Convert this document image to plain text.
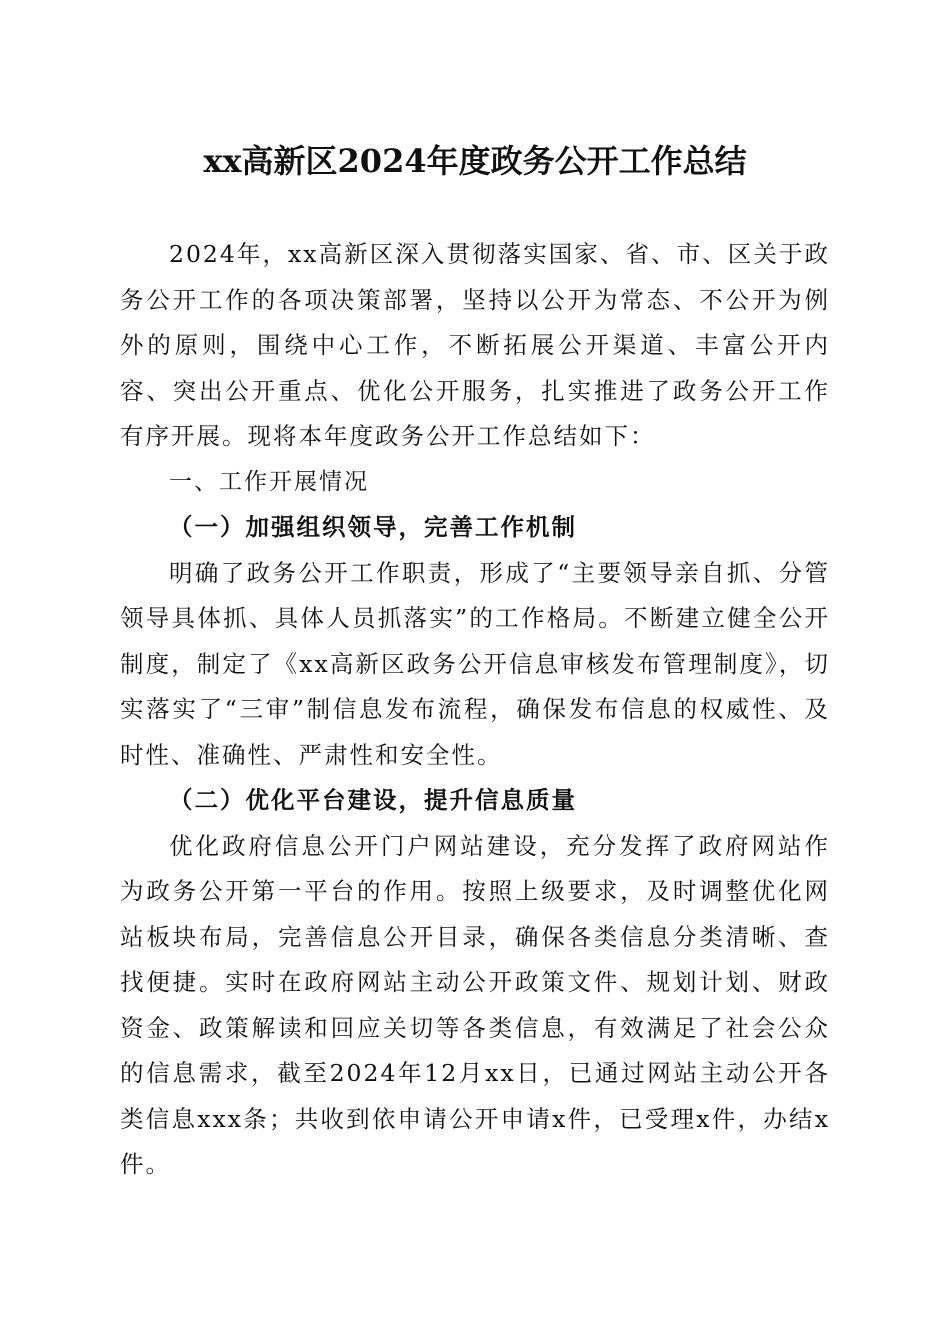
xx高新区2024年度政务公开工作总结

2024年，xx高新区深入贯彻落实国家、省、市、区关于政务公开工作的各项决策部署，坚持以公开为常态、不公开为例外的原则，围绕中心工作，不断拓展公开渠道、丰富公开内容、突出公开重点、优化公开服务，扎实推进了政务公开工作有序开展。现将本年度政务公开工作总结如下：

一、工作开展情况

（一）加强组织领导，完善工作机制

明确了政务公开工作职责，形成了“主要领导亲自抓、分管领导具体抓、具体人员抓落实”的工作格局。不断建立健全公开制度，制定了《xx高新区政务公开信息审核发布管理制度》，切实落实了“三审”制信息发布流程，确保发布信息的权威性、及时性、准确性、严肃性和安全性。

（二）优化平台建设，提升信息质量

优化政府信息公开门户网站建设，充分发挥了政府网站作为政务公开第一平台的作用。按照上级要求，及时调整优化网站板块布局，完善信息公开目录，确保各类信息分类清晰、查找便捷。实时在政府网站主动公开政策文件、规划计划、财政资金、政策解读和回应关切等各类信息，有效满足了社会公众的信息需求，截至2024年12月xx日，已通过网站主动公开各类信息xxx条；共收到依申请公开申请x件，已受理x件，办结x件。
